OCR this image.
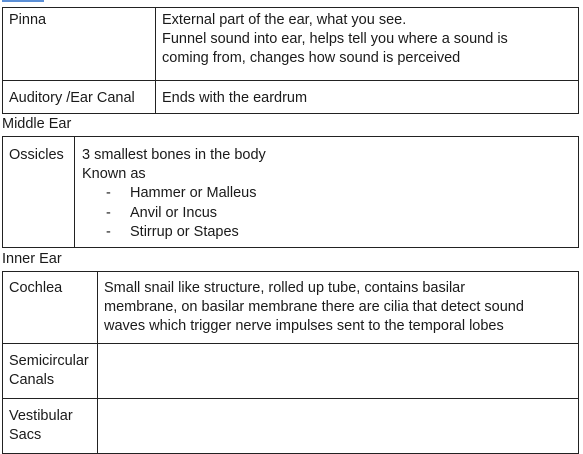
Pinna	External part of the ear, what you see.
Funnel sound into ear, helps tell you where a sound is
coming from, changes how sound is perceived

Auditory /Ear Canal	Ends with the eardrum
Middle Ear
Ossicles	3 smallest bones in the body
Known as
- Hammer or Malleus
- Anvil or Incus
- Stirrup or Stapes
Inner Ear
Cochlea	Small snail like structure, rolled up tube, contains basilar
membrane, on basilar membrane there are cilia that detect sound
waves which trigger nerve impulses sent to the temporal lobes

Semicircular Canals	
Vestibular Sacs	
